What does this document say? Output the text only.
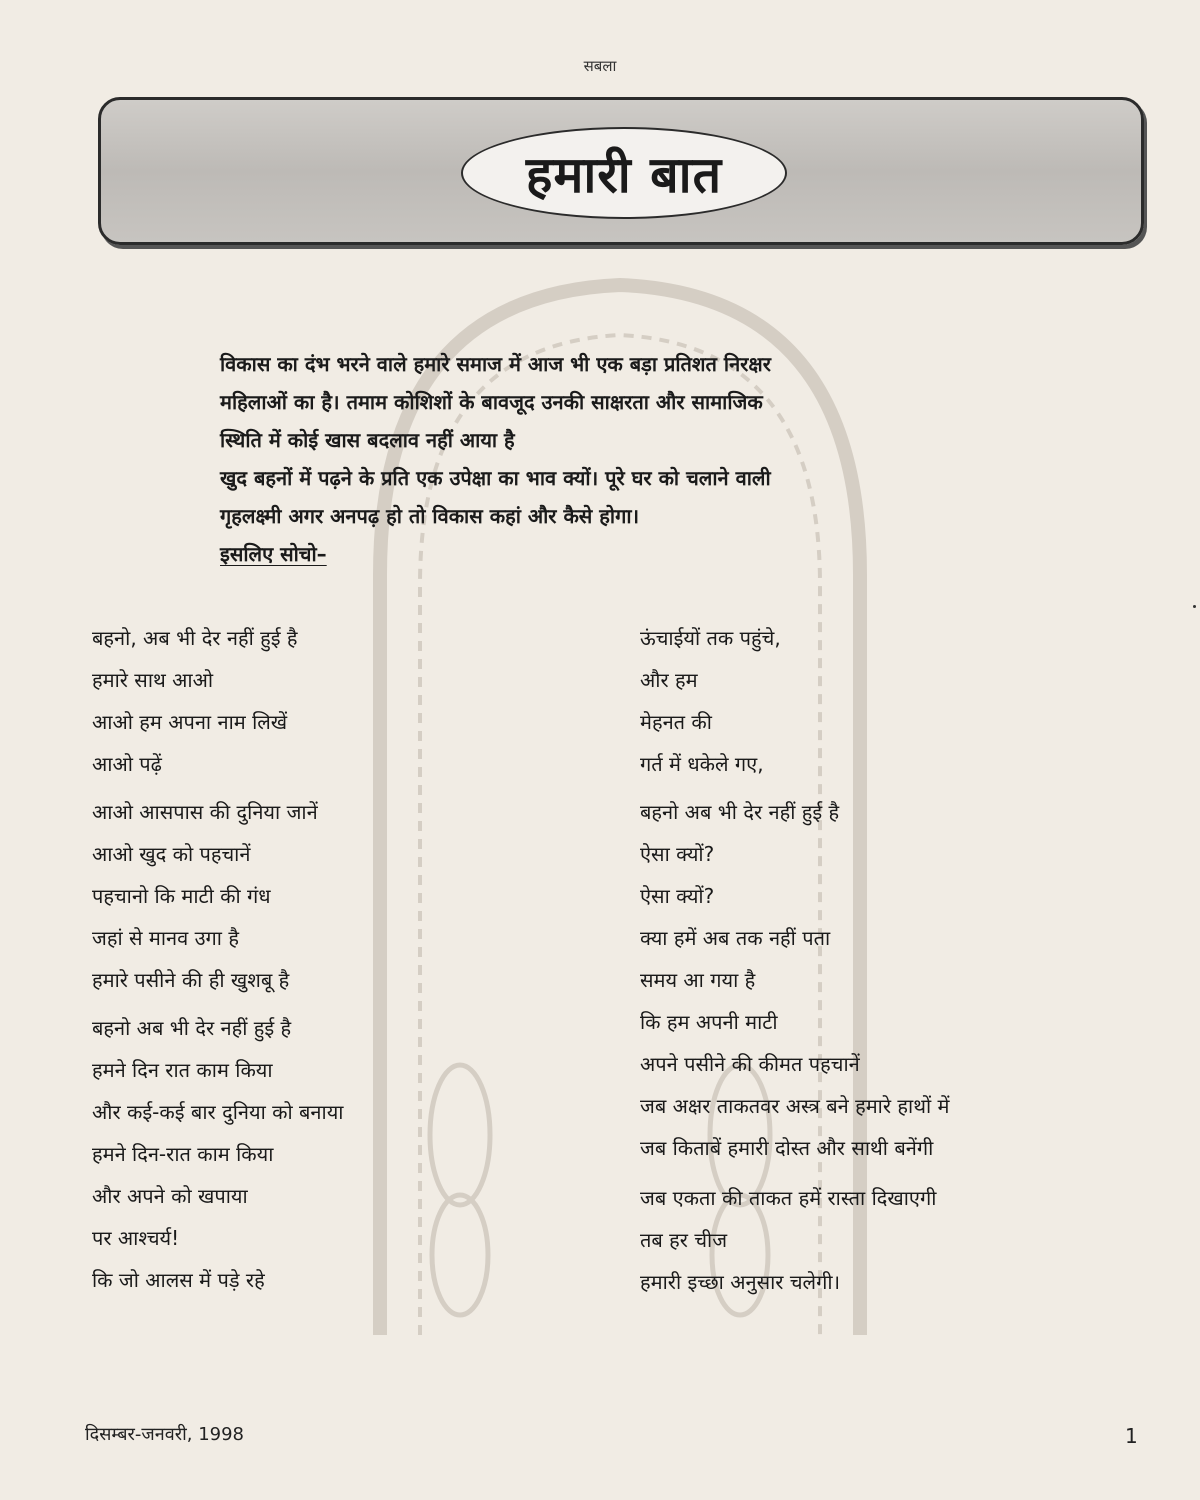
सबला
हमारी बात

विकास का दंभ भरने वाले हमारे समाज में आज भी एक बड़ा प्रतिशत निरक्षर

महिलाओं का है। तमाम कोशिशों के बावजूद उनकी साक्षरता और सामाजिक

स्थिति में कोई खास बदलाव नहीं आया है

खुद बहनों में पढ़ने के प्रति एक उपेक्षा का भाव क्यों। पूरे घर को चलाने वाली

गृहलक्ष्मी अगर अनपढ़ हो तो विकास कहां और कैसे होगा।

इसलिए सोचो–

बहनो, अब भी देर नहीं हुई है
हमारे साथ आओ
आओ हम अपना नाम लिखें
आओ पढ़ें
आओ आसपास की दुनिया जानें
आओ खुद को पहचानें
पहचानो कि माटी की गंध
जहां से मानव उगा है
हमारे पसीने की ही खुशबू है
बहनो अब भी देर नहीं हुई है
हमने दिन रात काम किया
और कई-कई बार दुनिया को बनाया
हमने दिन-रात काम किया
और अपने को खपाया
पर आश्चर्य!
कि जो आलस में पड़े रहे
ऊंचाईयों तक पहुंचे,
और हम
मेहनत की
गर्त में धकेले गए,
बहनो अब भी देर नहीं हुई है
ऐसा क्यों?
ऐसा क्यों?
क्या हमें अब तक नहीं पता
समय आ गया है
कि हम अपनी माटी
अपने पसीने की कीमत पहचानें
जब अक्षर ताकतवर अस्त्र बने हमारे हाथों में
जब किताबें हमारी दोस्त और साथी बनेंगी
जब एकता की ताकत हमें रास्ता दिखाएगी
तब हर चीज
हमारी इच्छा अनुसार चलेगी।
दिसम्बर-जनवरी, 1998	1
